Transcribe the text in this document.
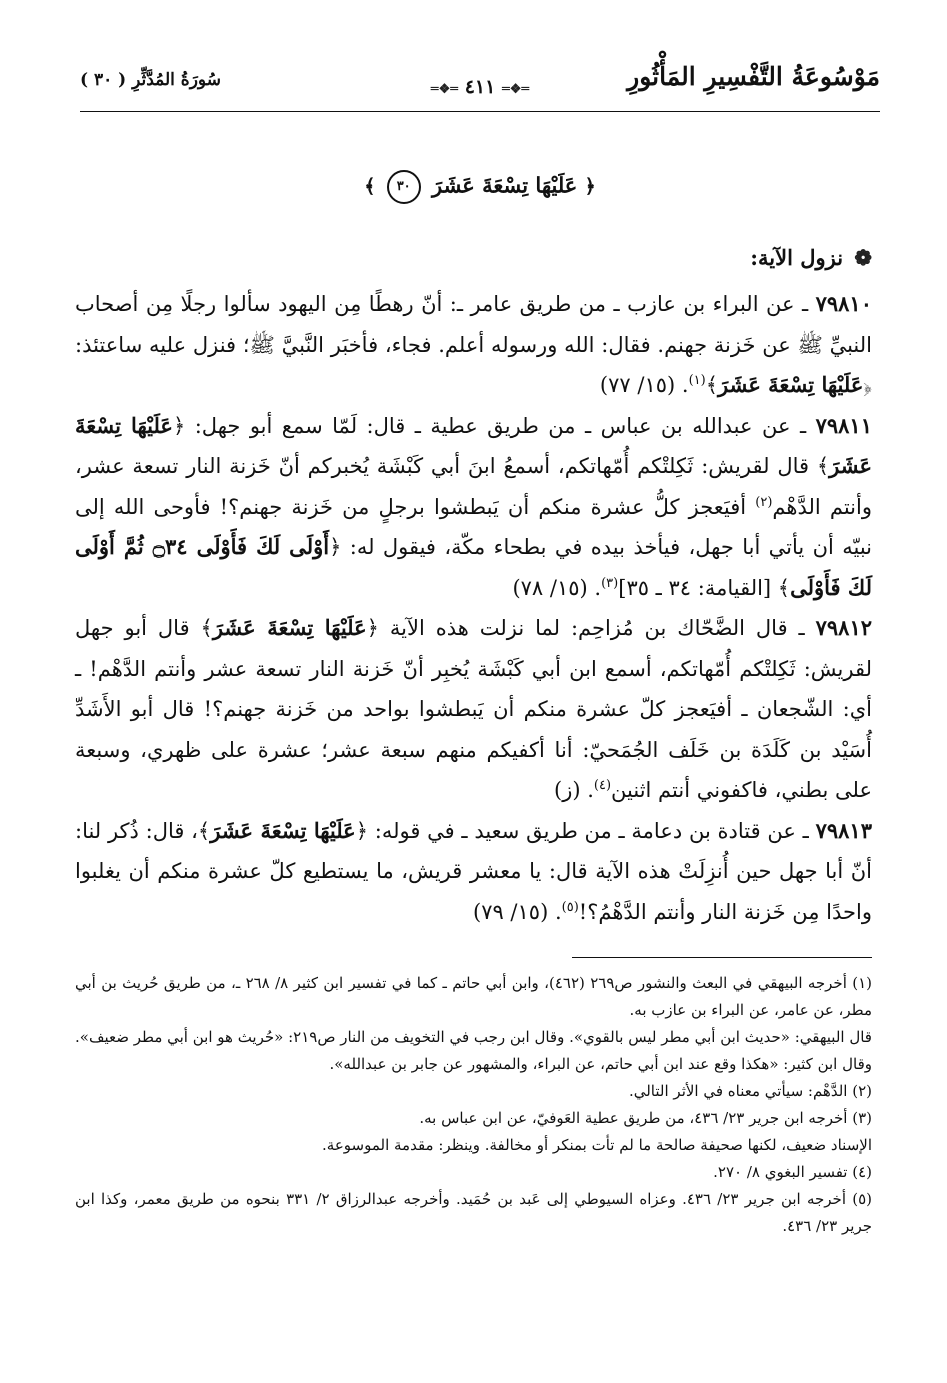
مَوْسُوعَةُ التَّفْسِيرِ المَأْثُورِ
═❖═ ٤١١ ═❖═
سُورَةُ المُدَّثِّرِ ( ٣٠ )
﴿ عَلَيْهَا تِسْعَةَ عَشَرَ ٣٠ ﴾
❁ نزول الآية:

٧٩٨١٠ ـ عن البراء بن عازب ـ من طريق عامر ـ: أنّ رهطًا مِن اليهود سألوا رجلًا مِن أصحاب النبيِّ ﷺ عن خَزنة جهنم. فقال: الله ورسوله أعلم. فجاء، فأخبَر النَّبيَّ ﷺ؛ فنزل عليه ساعتئذ: ﴿عَلَيْهَا تِسْعَةَ عَشَرَ﴾$^{(١)}$. (١٥/ ٧٧)

٧٩٨١١ ـ عن عبدالله بن عباس ـ من طريق عطية ـ قال: لَمّا سمع أبو جهل: ﴿عَلَيْهَا تِسْعَةَ عَشَرَ﴾ قال لقريش: ثَكِلتْكم أُمّهاتكم، أسمعُ ابنَ أبي كَبْشَة يُخبركم أنّ خَزنة النار تسعة عشر، وأنتم الدَّهْم$^{(٢)}$ أفيَعجز كلُّ عشرة منكم أن يَبطشوا برجلٍ من خَزنة جهنم؟! فأوحى الله إلى نبيّه أن يأتي أبا جهل، فيأخذ بيده في بطحاء مكّة، فيقول له: ﴿أَوْلَى لَكَ فَأَوْلَى ۝٣٤ ثُمَّ أَوْلَى لَكَ فَأَوْلَى﴾ [القيامة: ٣٤ ـ ٣٥]$^{(٣)}$. (١٥/ ٧٨)

٧٩٨١٢ ـ قال الضَّحّاك بن مُزاحِم: لما نزلت هذه الآية ﴿عَلَيْهَا تِسْعَةَ عَشَرَ﴾ قال أبو جهل لقريش: ثَكِلتْكم أُمّهاتكم، أسمع ابن أبي كَبْشَة يُخبِر أنّ خَزنة النار تسعة عشر وأنتم الدَّهْم! ـ أي: الشّجعان ـ أفيَعجز كلّ عشرة منكم أن يَبطشوا بواحد من خَزنة جهنم؟! قال أبو الأَشَدِّ أُسَيْد بن كَلَدَة بن خَلَف الجُمَحيّ: أنا أكفيكم منهم سبعة عشر؛ عشرة على ظهري، وسبعة على بطني، فاكفوني أنتم اثنين$^{(٤)}$. (ز)

٧٩٨١٣ ـ عن قتادة بن دعامة ـ من طريق سعيد ـ في قوله: ﴿عَلَيْهَا تِسْعَةَ عَشَرَ﴾، قال: ذُكر لنا: أنّ أبا جهل حين أُنزِلَتْ هذه الآية قال: يا معشر قريش، ما يستطيع كلّ عشرة منكم أن يغلبوا واحدًا مِن خَزنة النار وأنتم الدَّهْمُ؟!$^{(٥)}$. (١٥/ ٧٩)

(١) أخرجه البيهقي في البعث والنشور ص٢٦٩ (٤٦٢)، وابن أبي حاتم ـ كما في تفسير ابن كثير ٨/ ٢٦٨ ـ، من طريق حُريث بن أبي مطر، عن عامر، عن البراء بن عازب به.

قال البيهقي: «حديث ابن أبي مطر ليس بالقوي». وقال ابن رجب في التخويف من النار ص٢١٩: «حُريث هو ابن أبي مطر ضعيف». وقال ابن كثير: «هكذا وقع عند ابن أبي حاتم، عن البراء، والمشهور عن جابر بن عبدالله».

(٢) الدَّهْم: سيأتي معناه في الأثر التالي.

(٣) أخرجه ابن جرير ٢٣/ ٤٣٦، من طريق عطية العَوفيّ، عن ابن عباس به.

الإسناد ضعيف، لكنها صحيفة صالحة ما لم تأت بمنكر أو مخالفة. وينظر: مقدمة الموسوعة.

(٤) تفسير البغوي ٨/ ٢٧٠.

(٥) أخرجه ابن جرير ٢٣/ ٤٣٦. وعزاه السيوطي إلى عَبد بن حُمَيد. وأخرجه عبدالرزاق ٢/ ٣٣١ بنحوه من طريق معمر، وكذا ابن جرير ٢٣/ ٤٣٦.
